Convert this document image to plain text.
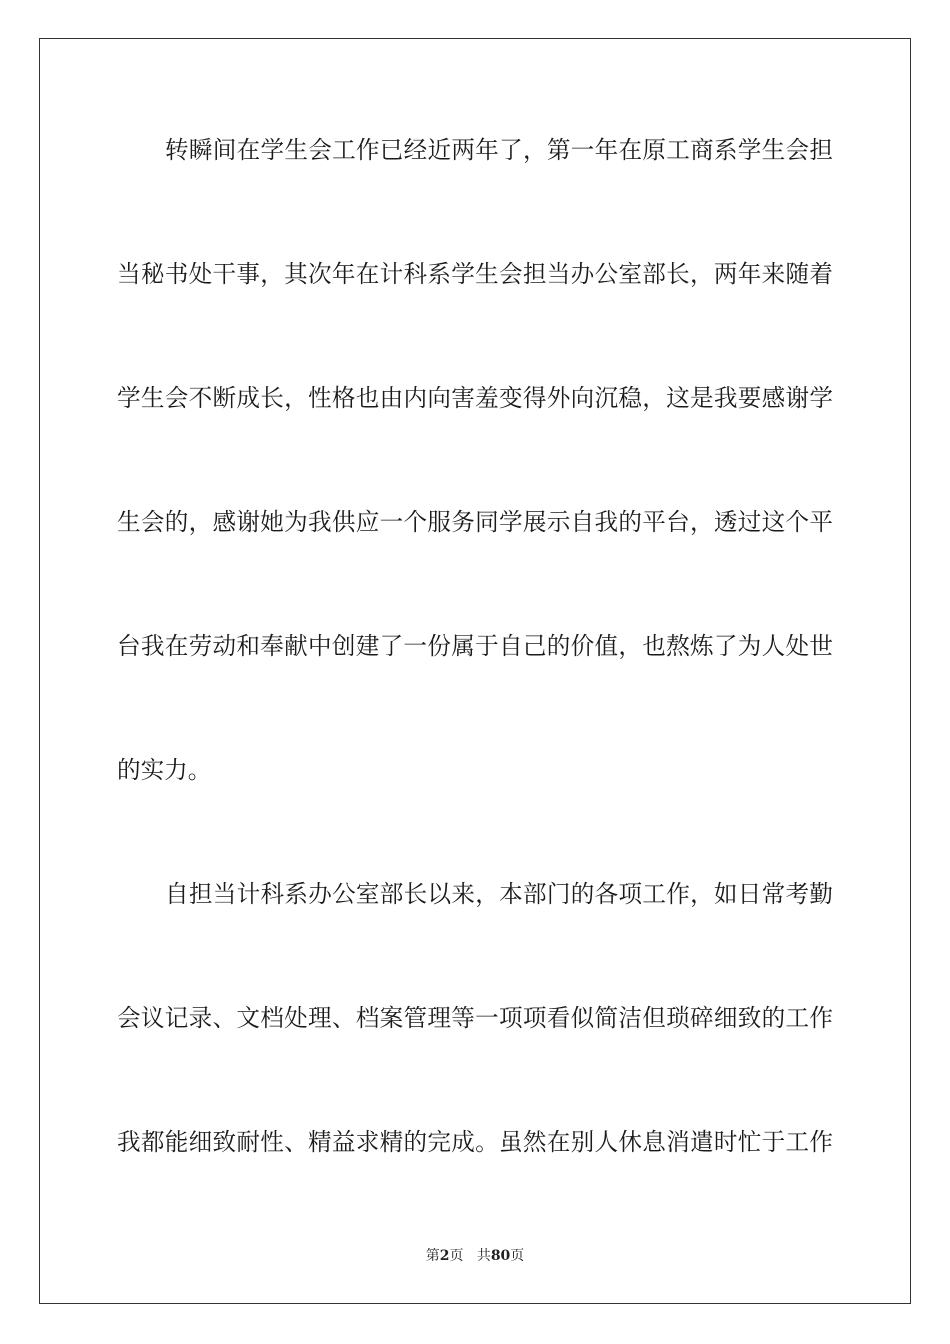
转瞬间在学生会工作已经近两年了，第一年在原工商系学生会担
当秘书处干事，其次年在计科系学生会担当办公室部长，两年来随着
学生会不断成长，性格也由内向害羞变得外向沉稳，这是我要感谢学
生会的，感谢她为我供应一个服务同学展示自我的平台，透过这个平
台我在劳动和奉献中创建了一份属于自己的价值，也熬炼了为人处世
的实力。
自担当计科系办公室部长以来，本部门的各项工作，如日常考勤
会议记录、文档处理、档案管理等一项项看似简洁但琐碎细致的工作
我都能细致耐性、精益求精的完成。虽然在别人休息消遣时忙于工作
第2页 共80页
